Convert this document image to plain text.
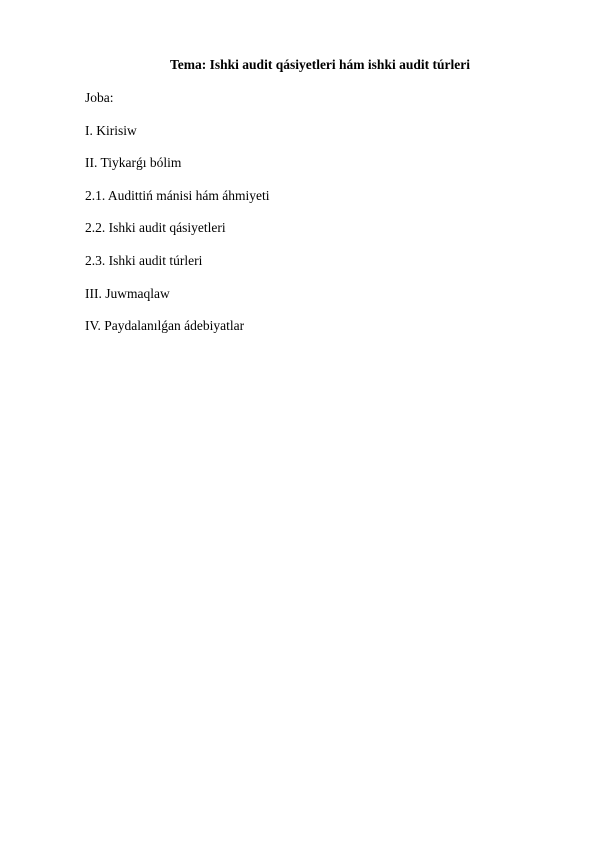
Tema: Ishki audit qásiyetleri hám ishki audit túrleri
Joba:
I. Kirisiw
II. Tiykarǵı bólim
2.1. Audittiń mánisi hám áhmiyeti
2.2. Ishki audit qásiyetleri
2.3. Ishki audit túrleri
III. Juwmaqlaw
IV. Paydalanılǵan ádebiyatlar
